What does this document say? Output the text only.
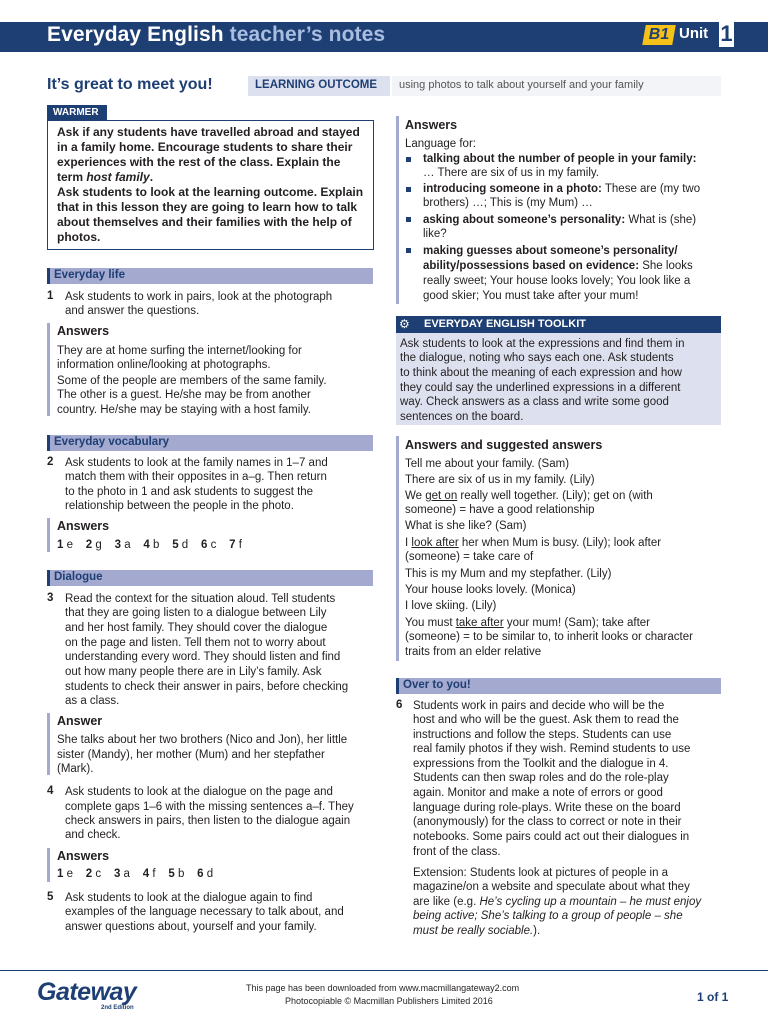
Everyday English teacher’s notes	B1 Unit 1
It’s great to meet you!	LEARNING OUTCOME using photos to talk about yourself and your family
WARMER
Ask if any students have travelled abroad and stayed
in a family home. Encourage students to share their
experiences with the rest of the class. Explain the
term host family.
Ask students to look at the learning outcome. Explain
that in this lesson they are going to learn how to talk
about themselves and their families with the help of
photos.
Everyday life
1 Ask students to work in pairs, look at the photograph
and answer the questions.
Answers
They are at home surfing the internet/looking for
information online/looking at photographs.
Some of the people are members of the same family.
The other is a guest. He/she may be from another
country. He/she may be staying with a host family.
Everyday vocabulary
2 Ask students to look at the family names in 1–7 and
match them with their opposites in a–g. Then return
to the photo in 1 and ask students to suggest the
relationship between the people in the photo.
Answers
1 e 2 g 3 a 4 b 5 d 6 c 7 f
Dialogue
3 Read the context for the situation aloud. Tell students
that they are going listen to a dialogue between Lily
and her host family. They should cover the dialogue
on the page and listen. Tell them not to worry about
understanding every word. They should listen and find
out how many people there are in Lily’s family. Ask
students to check their answer in pairs, before checking
as a class.
Answer
She talks about her two brothers (Nico and Jon), her little
sister (Mandy), her mother (Mum) and her stepfather
(Mark).
4 Ask students to look at the dialogue on the page and
complete gaps 1–6 with the missing sentences a–f. They
check answers in pairs, then listen to the dialogue again
and check.
Answers
1 e 2 c 3 a 4 f 5 b 6 d
5 Ask students to look at the dialogue again to find
examples of the language necessary to talk about, and
answer questions about, yourself and your family.
Answers
Language for:
talking about the number of people in your family:
… There are six of us in my family.
introducing someone in a photo: These are (my two
brothers) …; This is (my Mum) …
asking about someone’s personality: What is (she)
like?
making guesses about someone’s personality/
ability/possessions based on evidence: She looks
really sweet; Your house looks lovely; You look like a
good skier; You must take after your mum!
⚙ EVERYDAY ENGLISH TOOLKIT
Ask students to look at the expressions and find them in
the dialogue, noting who says each one. Ask students
to think about the meaning of each expression and how
they could say the underlined expressions in a different
way. Check answers as a class and write some good
sentences on the board.
Answers and suggested answers
Tell me about your family. (Sam)
There are six of us in my family. (Lily)
We get on really well together. (Lily); get on (with
someone) = have a good relationship
What is she like? (Sam)
I look after her when Mum is busy. (Lily); look after
(someone) = take care of
This is my Mum and my stepfather. (Lily)
Your house looks lovely. (Monica)
I love skiing. (Lily)
You must take after your mum! (Sam); take after
(someone) = to be similar to, to inherit looks or character
traits from an elder relative
Over to you!
6 Students work in pairs and decide who will be the
host and who will be the guest. Ask them to read the
instructions and follow the steps. Students can use
real family photos if they wish. Remind students to use
expressions from the Toolkit and the dialogue in 4.
Students can then swap roles and do the role-play
again. Monitor and make a note of errors or good
language during role-plays. Write these on the board
(anonymously) for the class to correct or note in their
notebooks. Some pairs could act out their dialogues in
front of the class.
Extension: Students look at pictures of people in a
magazine/on a website and speculate about what they
are like (e.g. He’s cycling up a mountain – he must enjoy
being active; She’s talking to a group of people – she
must be really sociable.).
Gateway
2nd Edition
This page has been downloaded from www.macmillangateway2.com
Photocopiable © Macmillan Publishers Limited 2016	1 of 1
